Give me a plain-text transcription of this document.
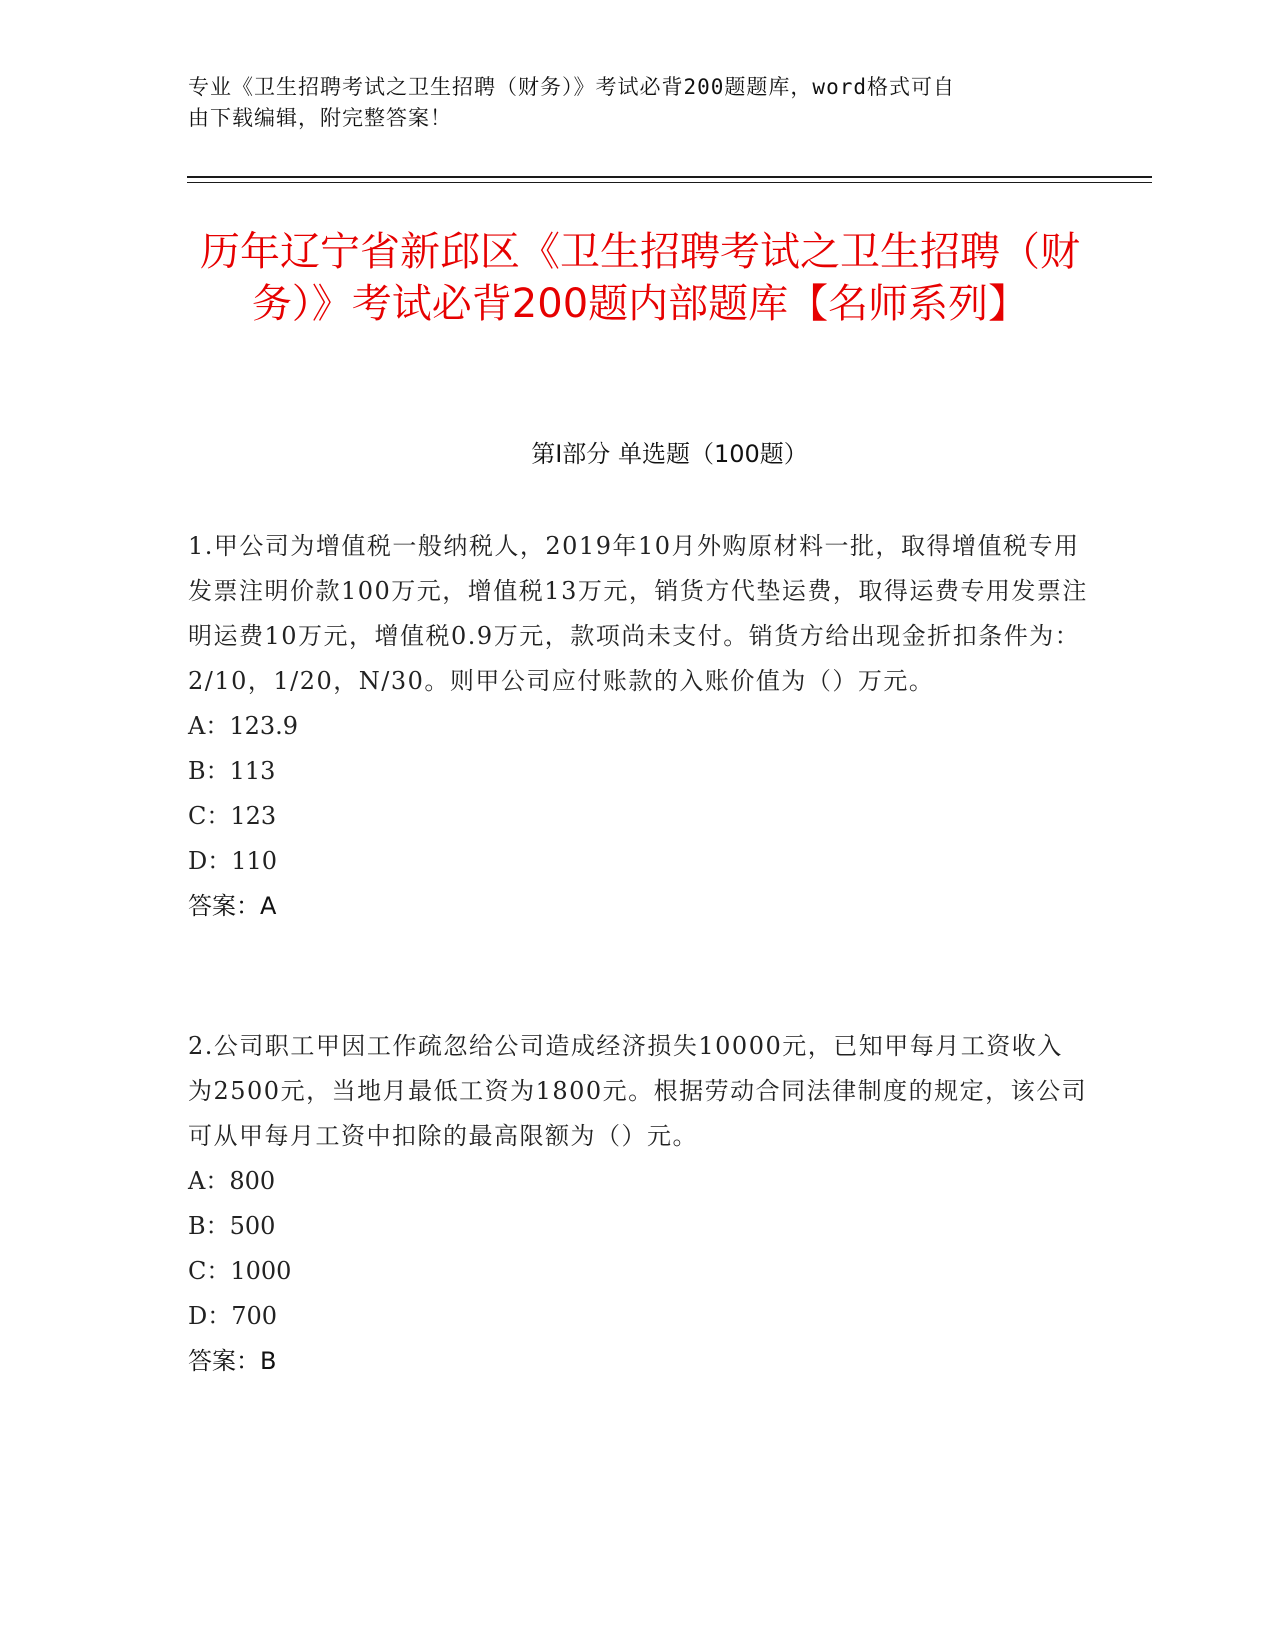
专业《卫生招聘考试之卫生招聘（财务）》考试必背200题题库，word格式可自
由下载编辑，附完整答案！
历年辽宁省新邱区《卫生招聘考试之卫生招聘（财务）》考试必背200题内部题库【名师系列】
第Ⅰ部分 单选题（100题）
1.甲公司为增值税一般纳税人，2019年10月外购原材料一批，取得增值税专用发票注明价款100万元，增值税13万元，销货方代垫运费，取得运费专用发票注明运费10万元，增值税0.9万元，款项尚未支付。销货方给出现金折扣条件为：2/10，1/20，N/30。则甲公司应付账款的入账价值为（）万元。
A：123.9
B：113
C：123
D：110
答案：A
2.公司职工甲因工作疏忽给公司造成经济损失10000元，已知甲每月工资收入为2500元，当地月最低工资为1800元。根据劳动合同法律制度的规定，该公司可从甲每月工资中扣除的最高限额为（）元。
A：800
B：500
C：1000
D：700
答案：B
